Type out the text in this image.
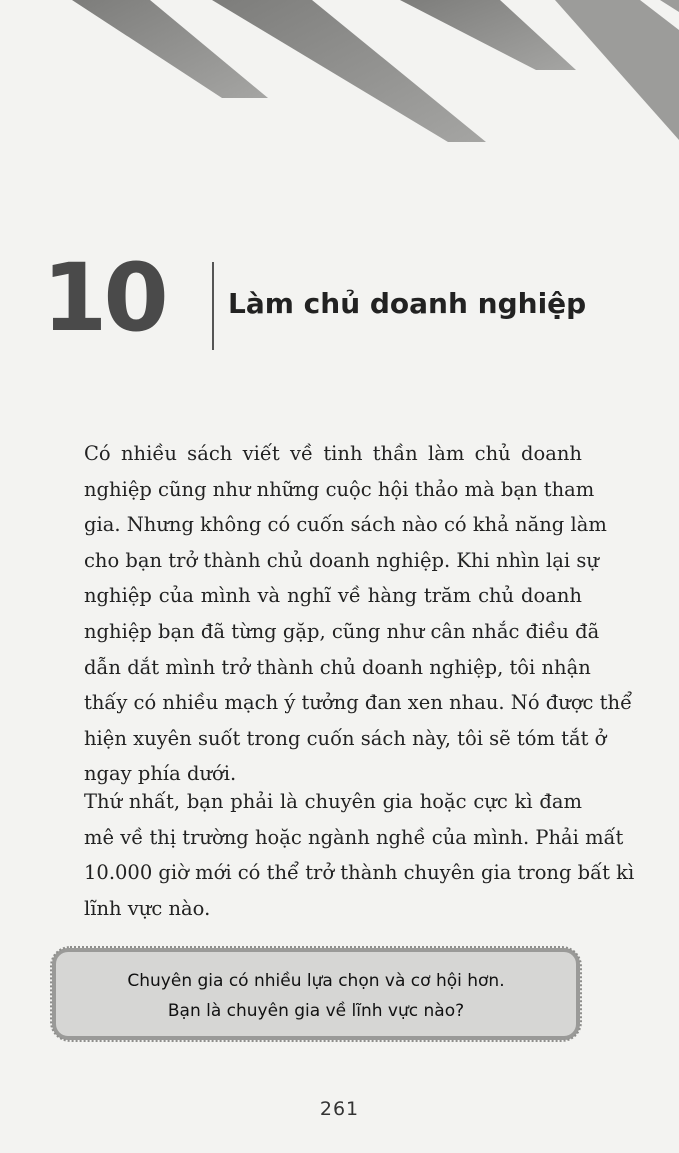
10 Làm chủ doanh nghiệp
Có nhiều sách viết về tinh thần làm chủ doanh
nghiệp cũng như những cuộc hội thảo mà bạn tham
gia. Nhưng không có cuốn sách nào có khả năng làm
cho bạn trở thành chủ doanh nghiệp. Khi nhìn lại sự
nghiệp của mình và nghĩ về hàng trăm chủ doanh
nghiệp bạn đã từng gặp, cũng như cân nhắc điều đã
dẫn dắt mình trở thành chủ doanh nghiệp, tôi nhận
thấy có nhiều mạch ý tưởng đan xen nhau. Nó được thể
hiện xuyên suốt trong cuốn sách này, tôi sẽ tóm tắt ở
ngay phía dưới.
Thứ nhất, bạn phải là chuyên gia hoặc cực kì đam
mê về thị trường hoặc ngành nghề của mình. Phải mất
10.000 giờ mới có thể trở thành chuyên gia trong bất kì
lĩnh vực nào.
Chuyên gia có nhiều lựa chọn và cơ hội hơn.
Bạn là chuyên gia về lĩnh vực nào?
261
